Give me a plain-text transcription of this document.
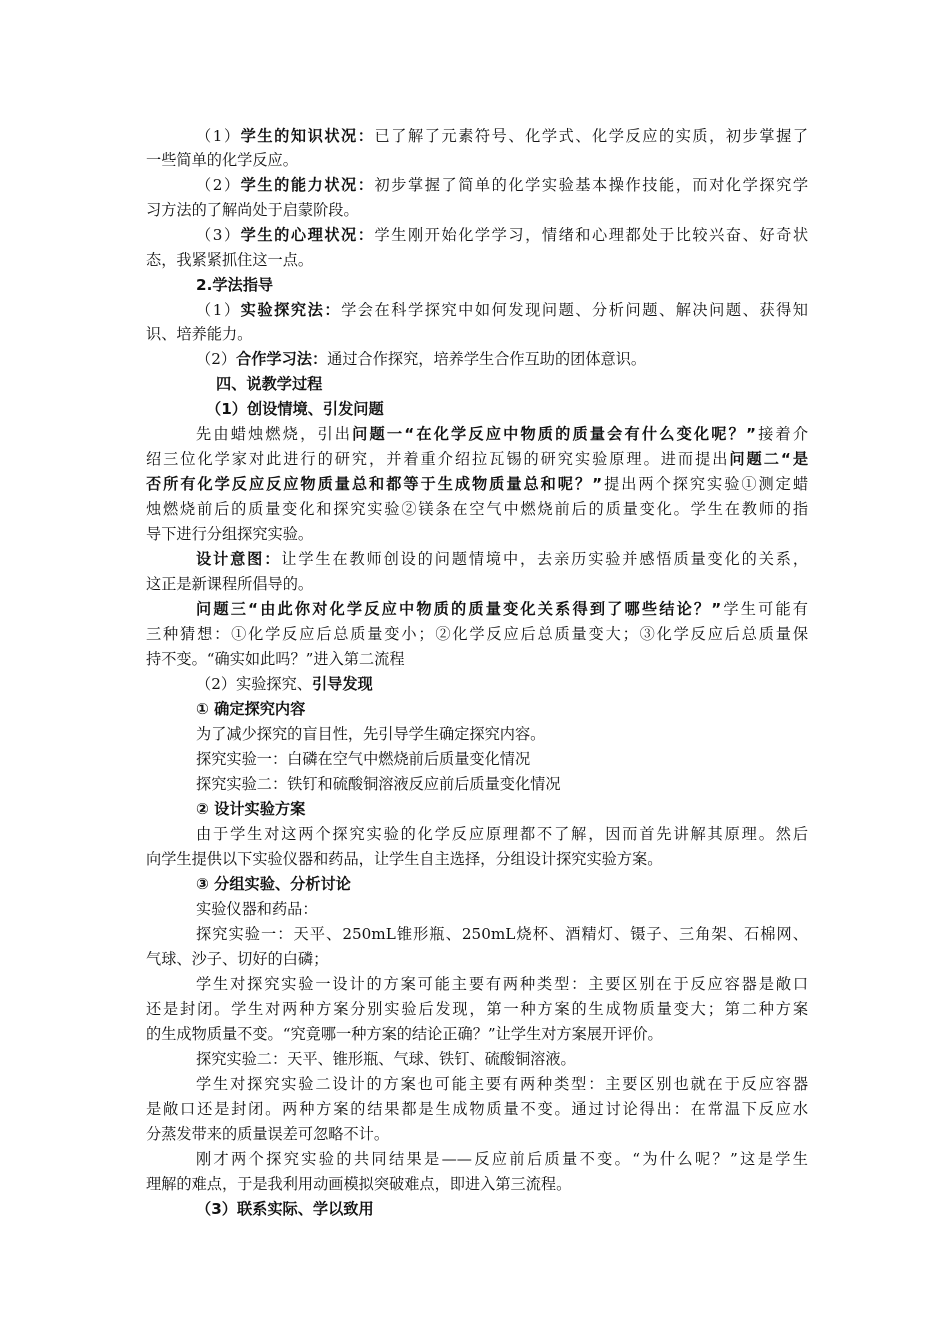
（1）学生的知识状况：已了解了元素符号、化学式、化学反应的实质，初步掌握了
一些简单的化学反应。
（2）学生的能力状况：初步掌握了简单的化学实验基本操作技能，而对化学探究学
习方法的了解尚处于启蒙阶段。
（3）学生的心理状况：学生刚开始化学学习，情绪和心理都处于比较兴奋、好奇状
态，我紧紧抓住这一点。
2.学法指导
（1）实验探究法：学会在科学探究中如何发现问题、分析问题、解决问题、获得知
识、培养能力。
（2）合作学习法：通过合作探究，培养学生合作互助的团体意识。
四、说教学过程
（1）创设情境、引发问题
先由蜡烛燃烧，引出问题一“在化学反应中物质的质量会有什么变化呢？”接着介
绍三位化学家对此进行的研究，并着重介绍拉瓦锡的研究实验原理。进而提出问题二“是
否所有化学反应反应物质量总和都等于生成物质量总和呢？”提出两个探究实验①测定蜡
烛燃烧前后的质量变化和探究实验②镁条在空气中燃烧前后的质量变化。学生在教师的指
导下进行分组探究实验。
设计意图：让学生在教师创设的问题情境中，去亲历实验并感悟质量变化的关系，
这正是新课程所倡导的。
问题三“由此你对化学反应中物质的质量变化关系得到了哪些结论？”学生可能有
三种猜想：①化学反应后总质量变小；②化学反应后总质量变大；③化学反应后总质量保
持不变。“确实如此吗？”进入第二流程
（2）实验探究、引导发现
① 确定探究内容
为了减少探究的盲目性，先引导学生确定探究内容。
探究实验一：白磷在空气中燃烧前后质量变化情况
探究实验二：铁钉和硫酸铜溶液反应前后质量变化情况
② 设计实验方案
由于学生对这两个探究实验的化学反应原理都不了解，因而首先讲解其原理。然后
向学生提供以下实验仪器和药品，让学生自主选择，分组设计探究实验方案。
③ 分组实验、分析讨论
实验仪器和药品：
探究实验一：天平、250mL锥形瓶、250mL烧杯、酒精灯、镊子、三角架、石棉网、
气球、沙子、切好的白磷；
学生对探究实验一设计的方案可能主要有两种类型：主要区别在于反应容器是敞口
还是封闭。学生对两种方案分别实验后发现，第一种方案的生成物质量变大；第二种方案
的生成物质量不变。“究竟哪一种方案的结论正确？”让学生对方案展开评价。
探究实验二：天平、锥形瓶、气球、铁钉、硫酸铜溶液。
学生对探究实验二设计的方案也可能主要有两种类型：主要区别也就在于反应容器
是敞口还是封闭。两种方案的结果都是生成物质量不变。通过讨论得出：在常温下反应水
分蒸发带来的质量误差可忽略不计。
刚才两个探究实验的共同结果是——反应前后质量不变。“为什么呢？”这是学生
理解的难点，于是我利用动画模拟突破难点，即进入第三流程。
（3）联系实际、学以致用
